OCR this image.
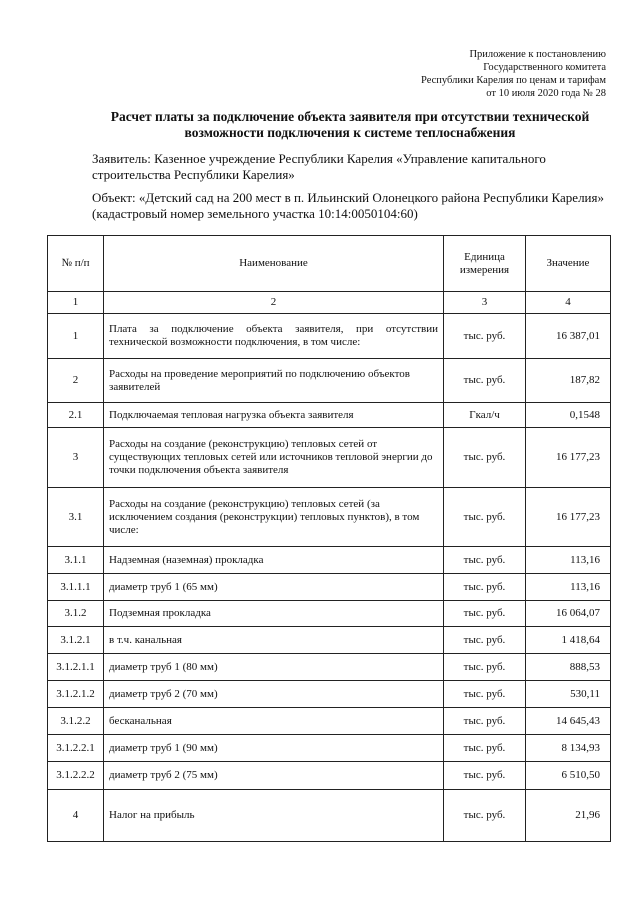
Приложение к постановлению
Государственного комитета
Республики Карелия по ценам и тарифам
от 10 июля 2020 года № 28
Расчет платы за подключение объекта заявителя при отсутствии технической возможности подключения к системе теплоснабжения
Заявитель: Казенное учреждение Республики Карелия «Управление капитального строительства Республики Карелия»
Объект: «Детский сад на 200 мест в п. Ильинский Олонецкого района Республики Карелия» (кадастровый номер земельного участка 10:14:0050104:60)
№ п/п	Наименование	Единица измерения	Значение
1	2	3	4
1	Плата за подключение объекта заявителя, при отсутствии технической возможности подключения, в том числе:	тыс. руб.	16 387,01
2	Расходы на проведение мероприятий по подключению объектов заявителей	тыс. руб.	187,82
2.1	Подключаемая тепловая нагрузка объекта заявителя	Гкал/ч	0,1548
3	Расходы на создание (реконструкцию) тепловых сетей от существующих тепловых сетей или источников тепловой энергии до точки подключения объекта заявителя	тыс. руб.	16 177,23
3.1	Расходы на создание (реконструкцию) тепловых сетей (за исключением создания (реконструкции) тепловых пунктов), в том числе:	тыс. руб.	16 177,23
3.1.1	Надземная (наземная) прокладка	тыс. руб.	113,16
3.1.1.1	диаметр труб 1 (65 мм)	тыс. руб.	113,16
3.1.2	Подземная прокладка	тыс. руб.	16 064,07
3.1.2.1	в т.ч. канальная	тыс. руб.	1 418,64
3.1.2.1.1	диаметр труб 1 (80 мм)	тыс. руб.	888,53
3.1.2.1.2	диаметр труб 2 (70 мм)	тыс. руб.	530,11
3.1.2.2	бесканальная	тыс. руб.	14 645,43
3.1.2.2.1	диаметр труб 1 (90 мм)	тыс. руб.	8 134,93
3.1.2.2.2	диаметр труб 2 (75 мм)	тыс. руб.	6 510,50
4	Налог на прибыль	тыс. руб.	21,96
